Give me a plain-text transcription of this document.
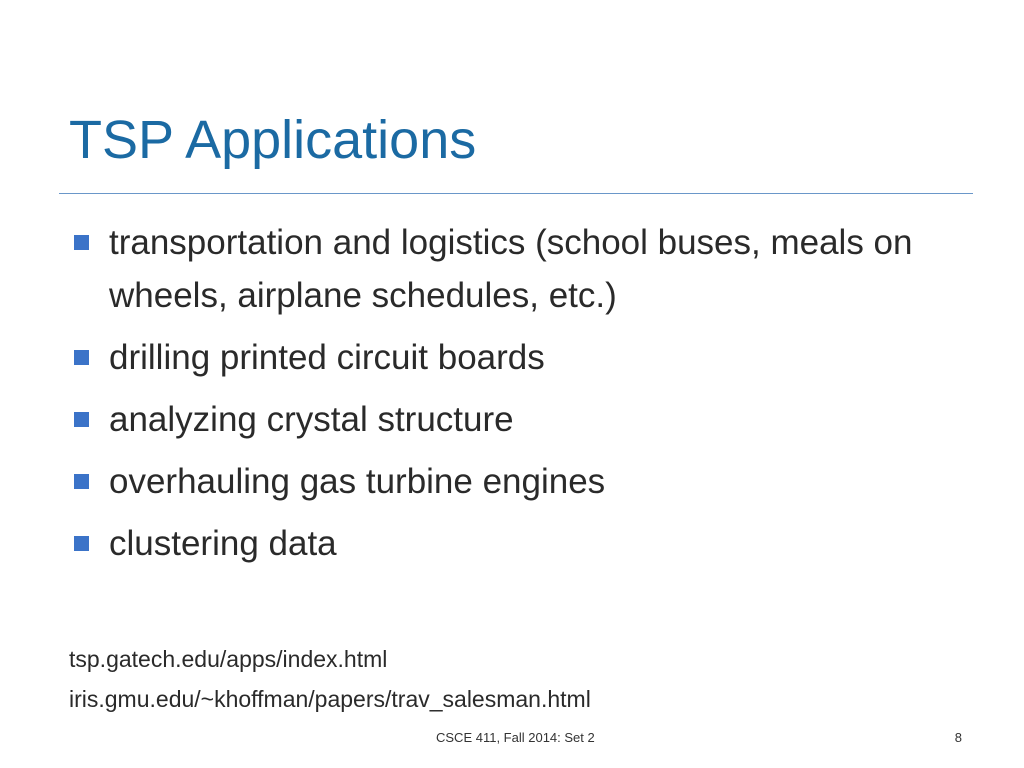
TSP Applications
transportation and logistics (school buses, meals on wheels, airplane schedules, etc.)
drilling printed circuit boards
analyzing crystal structure
overhauling gas turbine engines
clustering data
tsp.gatech.edu/apps/index.html
iris.gmu.edu/~khoffman/papers/trav_salesman.html
CSCE 411, Fall 2014: Set 2	8
